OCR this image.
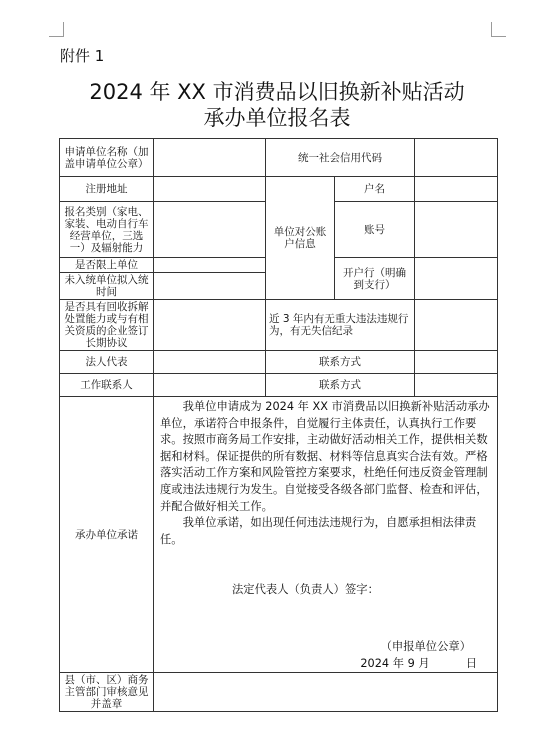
附件 1
2024 年 XX 市消费品以旧换新补贴活动
承办单位报名表
申请单位名称（加盖申请单位公章）		统一社会信用代码		
注册地址		单位对公账户信息	户名	
报名类别（家电、家装、电动自行车经营单位，三选一）及辐射能力			账号	
是否限上单位			开户行（明确到支行）	
未入统单位拟入统时间				
是否具有回收拆解处置能力或与有相关资质的企业签订长期协议		近 3 年内有无重大违法违规行为，有无失信纪录		
法人代表		联系方式		
工作联系人		联系方式		
承办单位承诺	我单位申请成为 2024 年 XX 市消费品以旧换新补贴活动承办单位，承诺符合申报条件，自觉履行主体责任，认真执行工作要求。按照市商务局工作安排，主动做好活动相关工作，提供相关数据和材料。保证提供的所有数据、材料等信息真实合法有效。严格落实活动工作方案和风险管控方案要求，杜绝任何违反资金管理制度或违法违规行为发生。自觉接受各级各部门监督、检查和评估，并配合做好相关工作。

我单位承诺，如出现任何违法违规行为，自愿承担相法律责任。

法定代表人（负责人）签字：
（申报单位公章）
2024 年 9 月 日			

县（市、区）商务主管部门审核意见并盖章				
